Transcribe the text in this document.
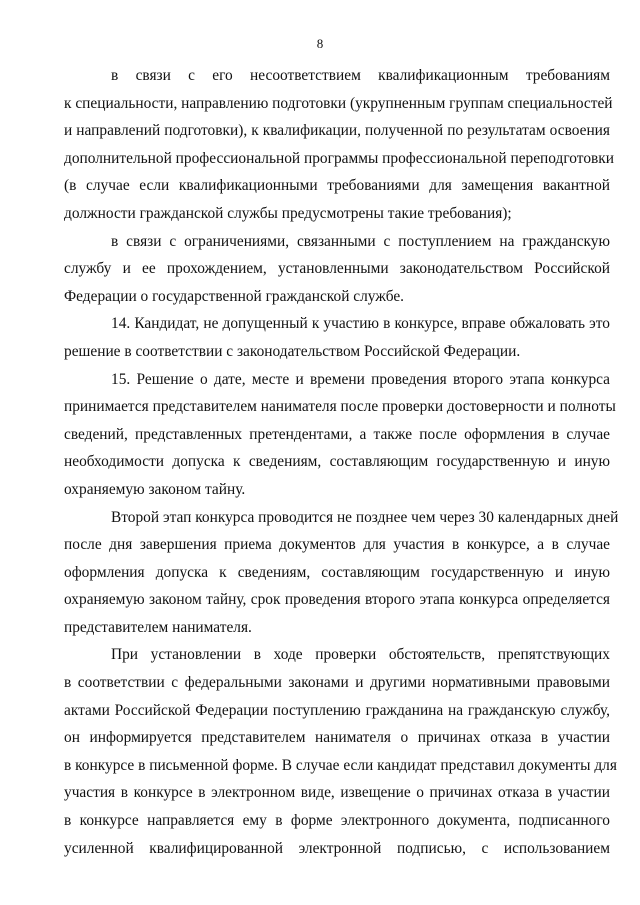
8
в связи с его несоответствием квалификационным требованиям
к специальности, направлению подготовки (укрупненным группам специальностей
и направлений подготовки), к квалификации, полученной по результатам освоения
дополнительной профессиональной программы профессиональной переподготовки
(в случае если квалификационными требованиями для замещения вакантной
должности гражданской службы предусмотрены такие требования);
в связи с ограничениями, связанными с поступлением на гражданскую
службу и ее прохождением, установленными законодательством Российской
Федерации о государственной гражданской службе.
14. Кандидат, не допущенный к участию в конкурсе, вправе обжаловать это
решение в соответствии с законодательством Российской Федерации.
15. Решение о дате, месте и времени проведения второго этапа конкурса
принимается представителем нанимателя после проверки достоверности и полноты
сведений, представленных претендентами, а также после оформления в случае
необходимости допуска к сведениям, составляющим государственную и иную
охраняемую законом тайну.
Второй этап конкурса проводится не позднее чем через 30 календарных дней
после дня завершения приема документов для участия в конкурсе, а в случае
оформления допуска к сведениям, составляющим государственную и иную
охраняемую законом тайну, срок проведения второго этапа конкурса определяется
представителем нанимателя.
При установлении в ходе проверки обстоятельств, препятствующих
в соответствии с федеральными законами и другими нормативными правовыми
актами Российской Федерации поступлению гражданина на гражданскую службу,
он информируется представителем нанимателя о причинах отказа в участии
в конкурсе в письменной форме. В случае если кандидат представил документы для
участия в конкурсе в электронном виде, извещение о причинах отказа в участии
в конкурсе направляется ему в форме электронного документа, подписанного
усиленной квалифицированной электронной подписью, с использованием
